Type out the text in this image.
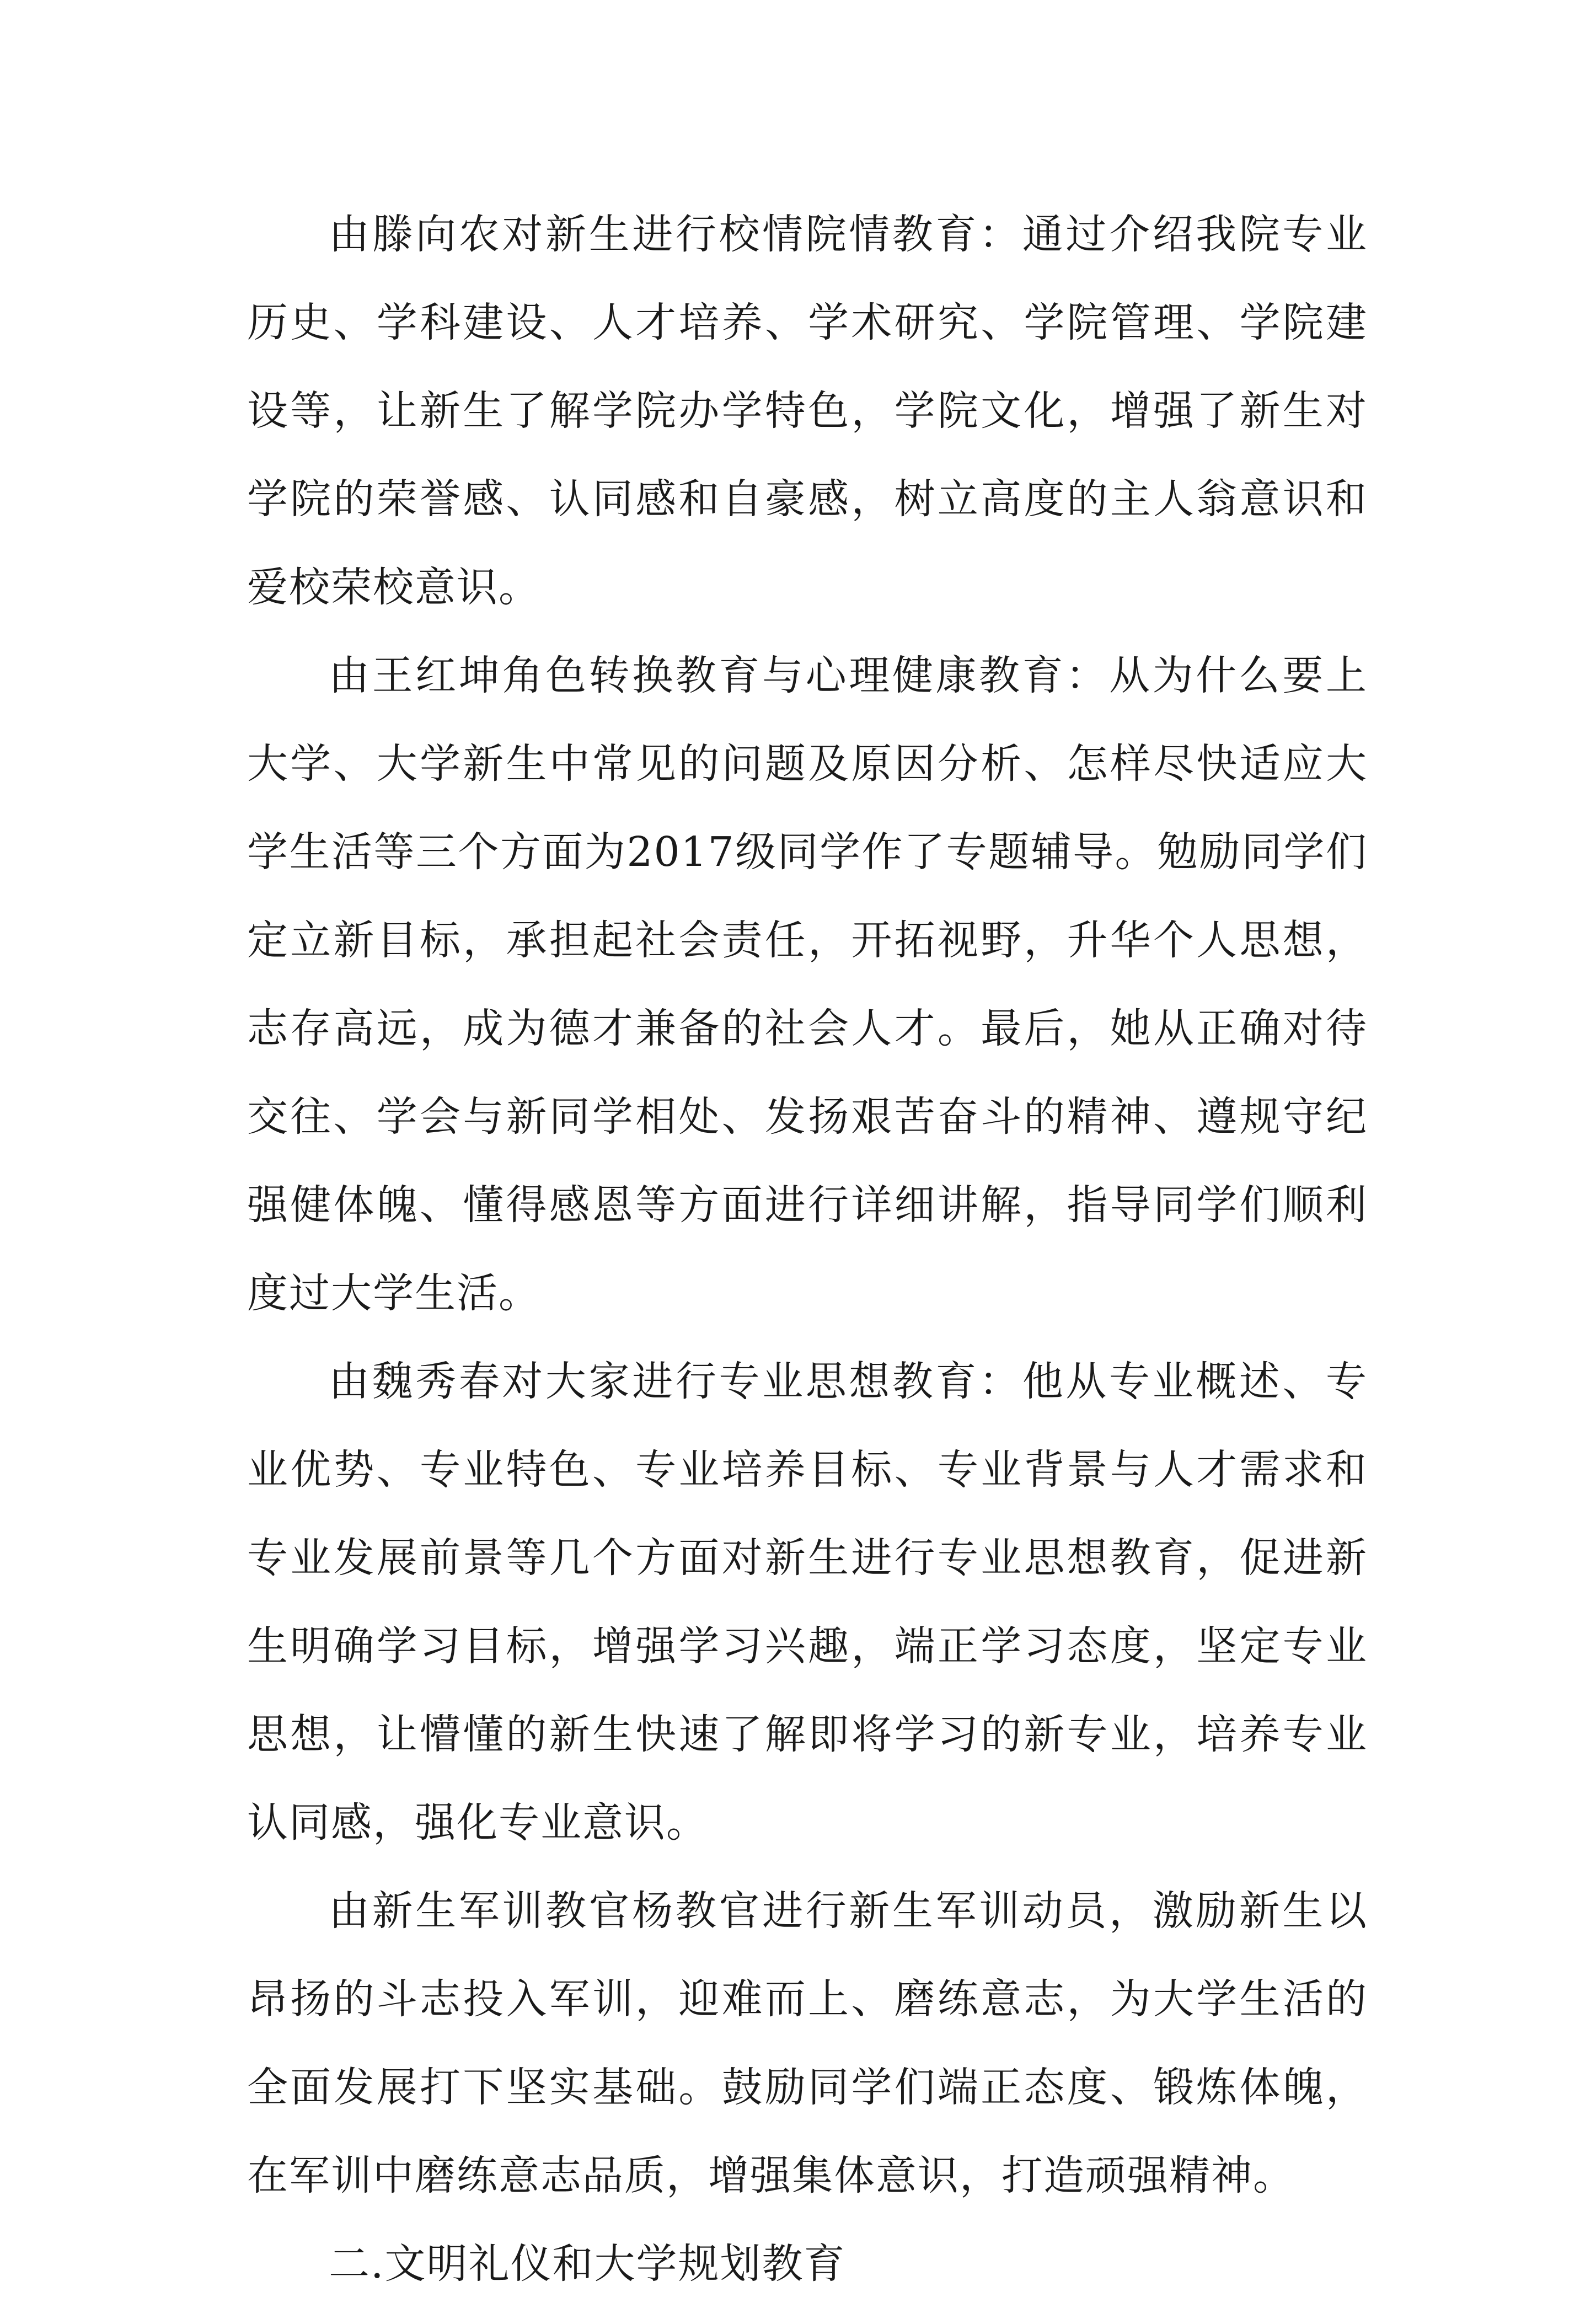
由滕向农对新生进行校情院情教育：通过介绍我院专业历史、学科建设、人才培养、学术研究、学院管理、学院建设等，让新生了解学院办学特色，学院文化，增强了新生对学院的荣誉感、认同感和自豪感，树立高度的主人翁意识和爱校荣校意识。

由王红坤角色转换教育与心理健康教育：从为什么要上大学、大学新生中常见的问题及原因分析、怎样尽快适应大学生活等三个方面为2017级同学作了专题辅导。勉励同学们定立新目标，承担起社会责任，开拓视野，升华个人思想，志存高远，成为德才兼备的社会人才。最后，她从正确对待交往、学会与新同学相处、发扬艰苦奋斗的精神、遵规守纪强健体魄、懂得感恩等方面进行详细讲解，指导同学们顺利度过大学生活。

由魏秀春对大家进行专业思想教育：他从专业概述、专业优势、专业特色、专业培养目标、专业背景与人才需求和专业发展前景等几个方面对新生进行专业思想教育，促进新生明确学习目标，增强学习兴趣，端正学习态度，坚定专业思想，让懵懂的新生快速了解即将学习的新专业，培养专业认同感，强化专业意识。

由新生军训教官杨教官进行新生军训动员，激励新生以昂扬的斗志投入军训，迎难而上、磨练意志，为大学生活的全面发展打下坚实基础。鼓励同学们端正态度、锻炼体魄，在军训中磨练意志品质，增强集体意识，打造顽强精神。

二.文明礼仪和大学规划教育
